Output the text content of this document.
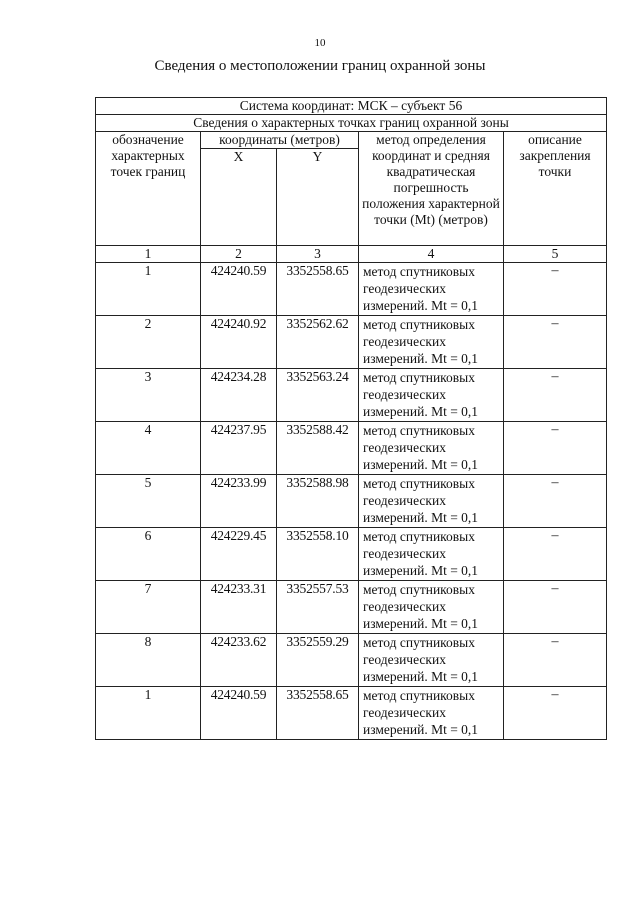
10
Сведения о местоположении границ охранной зоны
Система координат: МСК – субъект 56				
Сведения о характерных точках границ охранной зоны				
обозначение характерных точек границ	координаты (метров)		метод определения координат и средняя квадратическая погрешность положения характерной точки (Mt) (метров)	описание закрепления точки
	X	Y		
1	2	3	4	5
1	424240.59	3352558.65	метод спутниковых геодезических измерений. Mt = 0,1	–
2	424240.92	3352562.62	метод спутниковых геодезических измерений. Mt = 0,1	–
3	424234.28	3352563.24	метод спутниковых геодезических измерений. Mt = 0,1	–
4	424237.95	3352588.42	метод спутниковых геодезических измерений. Mt = 0,1	–
5	424233.99	3352588.98	метод спутниковых геодезических измерений. Mt = 0,1	–
6	424229.45	3352558.10	метод спутниковых геодезических измерений. Mt = 0,1	–
7	424233.31	3352557.53	метод спутниковых геодезических измерений. Mt = 0,1	–
8	424233.62	3352559.29	метод спутниковых геодезических измерений. Mt = 0,1	–
1	424240.59	3352558.65	метод спутниковых геодезических измерений. Mt = 0,1	–
